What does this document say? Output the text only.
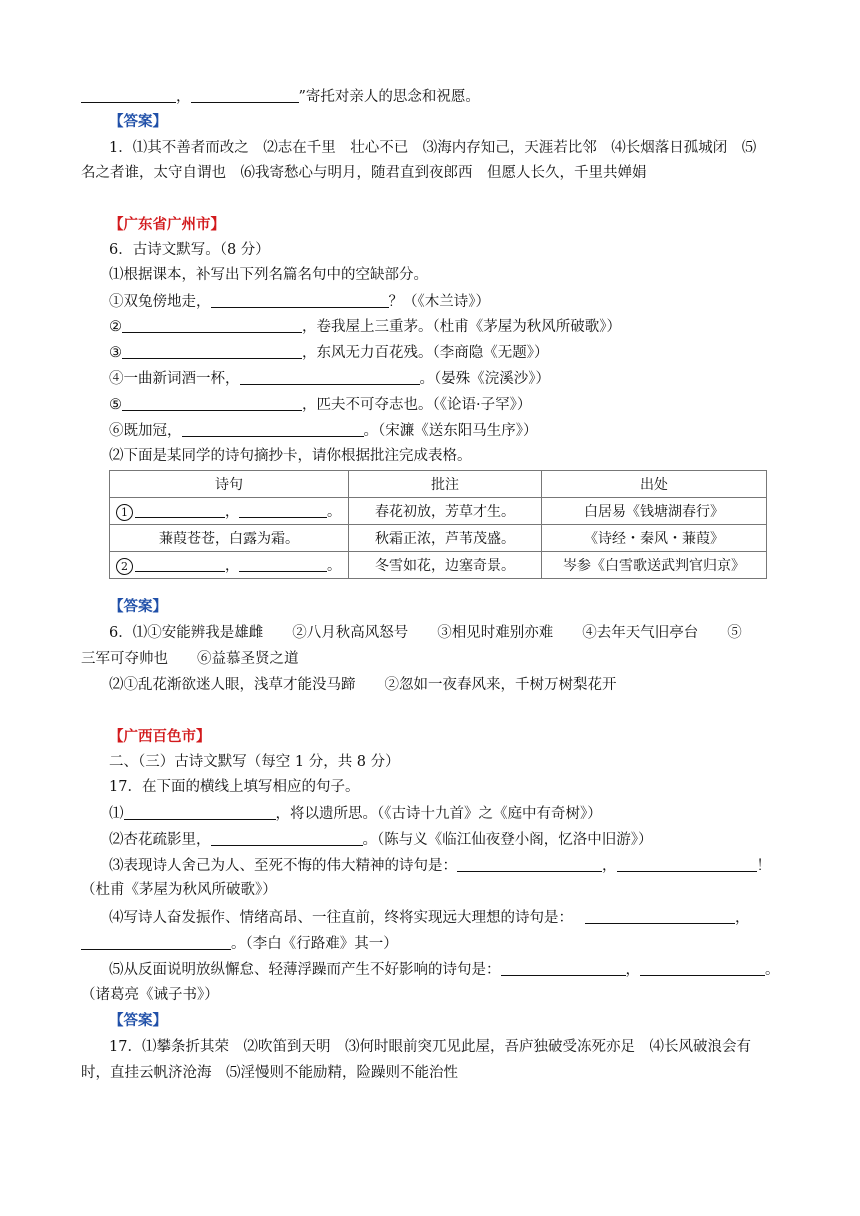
，	”寄托对亲人的思念和祝愿。
【答案】
1．⑴其不善者而改之　⑵志在千里　壮心不已　⑶海内存知己，天涯若比邻　⑷长烟落日孤城闭　⑸
名之者谁，太守自谓也　⑹我寄愁心与明月，随君直到夜郎西　但愿人长久，千里共婵娟
【广东省广州市】
6．古诗文默写。（8 分）
⑴根据课本，补写出下列名篇名句中的空缺部分。
①双兔傍地走，	？（《木兰诗》）
②	，卷我屋上三重茅。（杜甫《茅屋为秋风所破歌》）
③	，东风无力百花残。（李商隐《无题》）
④一曲新词酒一杯，	。（晏殊《浣溪沙》）
⑤	，匹夫不可夺志也。（《论语·子罕》）
⑥既加冠，	。（宋濂《送东阳马生序》）
⑵下面是某同学的诗句摘抄卡，请你根据批注完成表格。
诗句	批注	出处
1 ， 。	春花初放，芳草才生。	白居易《钱塘湖春行》
蒹葭苍苍，白露为霜。	秋霜正浓，芦苇茂盛。	《诗经・秦风・蒹葭》
2 ， 。	冬雪如花，边塞奇景。	岑参《白雪歌送武判官归京》
【答案】
6．⑴①安能辨我是雄雌　　②八月秋高风怒号　　③相见时难别亦难　　④去年天气旧亭台　　⑤
三军可夺帅也　　⑥益慕圣贤之道
⑵①乱花渐欲迷人眼，浅草才能没马蹄　　②忽如一夜春风来，千树万树梨花开
【广西百色市】
二、（三）古诗文默写（每空 1 分，共 8 分）
17．在下面的横线上填写相应的句子。
⑴	，将以遗所思。（《古诗十九首》之《庭中有奇树》）
⑵杏花疏影里，	。（陈与义《临江仙夜登小阁，忆洛中旧游》）
⑶表现诗人舍己为人、至死不悔的伟大精神的诗句是：	，	！
（杜甫《茅屋为秋风所破歌》）
⑷写诗人奋发振作、情绪高昂、一往直前，终将实现远大理想的诗句是：	，
。（李白《行路难》其一）
⑸从反面说明放纵懈怠、轻薄浮躁而产生不好影响的诗句是：	，	。
（诸葛亮《诫子书》）
【答案】
17．⑴攀条折其荣　⑵吹笛到天明　⑶何时眼前突兀见此屋，吾庐独破受冻死亦足　⑷长风破浪会有
时，直挂云帆济沧海　⑸淫慢则不能励精，险躁则不能治性
